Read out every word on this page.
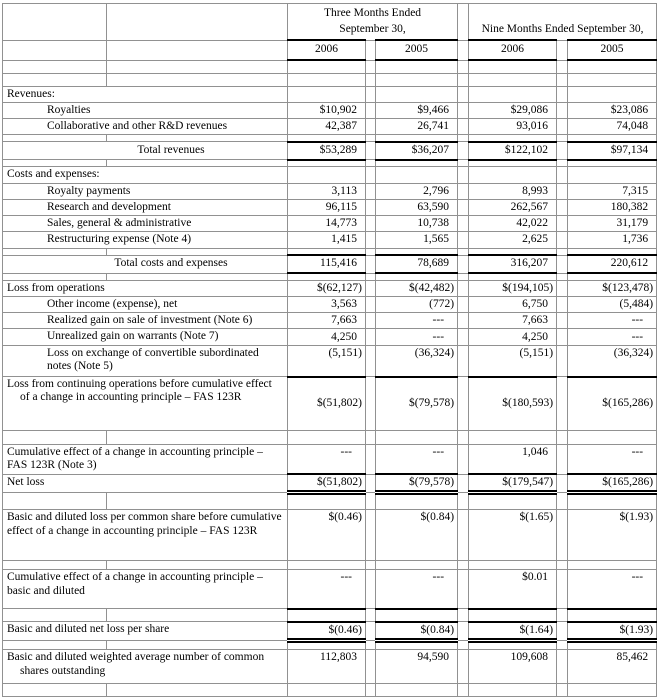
		Three Months Ended September 30,				Nine Months Ended September 30,		
		2006		2005		2006		2005

Revenues:								
Royalties		$10,902		$9,466		$29,086		$23,086
Collaborative and other R&D revenues		42,387		26,741		93,016		74,048

Total revenues		$53,289		$36,207		$122,102		$97,134

Costs and expenses:								
Royalty payments		3,113		2,796		8,993		7,315
Research and development		96,115		63,590		262,567		180,382
Sales, general & administrative		14,773		10,738		42,022		31,179
Restructuring expense (Note 4)		1,415		1,565		2,625		1,736

Total costs and expenses		115,416		78,689		316,207		220,612

Loss from operations		$(62,127)		$(42,482)		$(194,105)		$(123,478)
Other income (expense), net		3,563		(772)		6,750		(5,484)
Realized gain on sale of investment (Note 6)		7,663		---		7,663		---
Unrealized gain on warrants (Note 7)		4,250		---		4,250		---
Loss on exchange of convertible subordinated notes (Note 5)		(5,151)		(36,324)		(5,151)		(36,324)
Loss from continuing operations before cumulative effect of a change in accounting principle – FAS 123R		$(51,802)		$(79,578)		$(180,593)		$(165,286)

Cumulative effect of a change in accounting principle – FAS 123R (Note 3)		---		---		1,046		---
Net loss		$(51,802)		$(79,578)		$(179,547)		$(165,286)

Basic and diluted loss per common share before cumulative effect of a change in accounting principle – FAS 123R		$(0.46)		$(0.84)		$(1.65)		$(1.93)

Cumulative effect of a change in accounting principle – basic and diluted		---		---		$0.01		---

Basic and diluted net loss per share		$(0.46)		$(0.84)		$(1.64)		$(1.93)

Basic and diluted weighted average number of common shares outstanding		112,803		94,590		109,608		85,462
